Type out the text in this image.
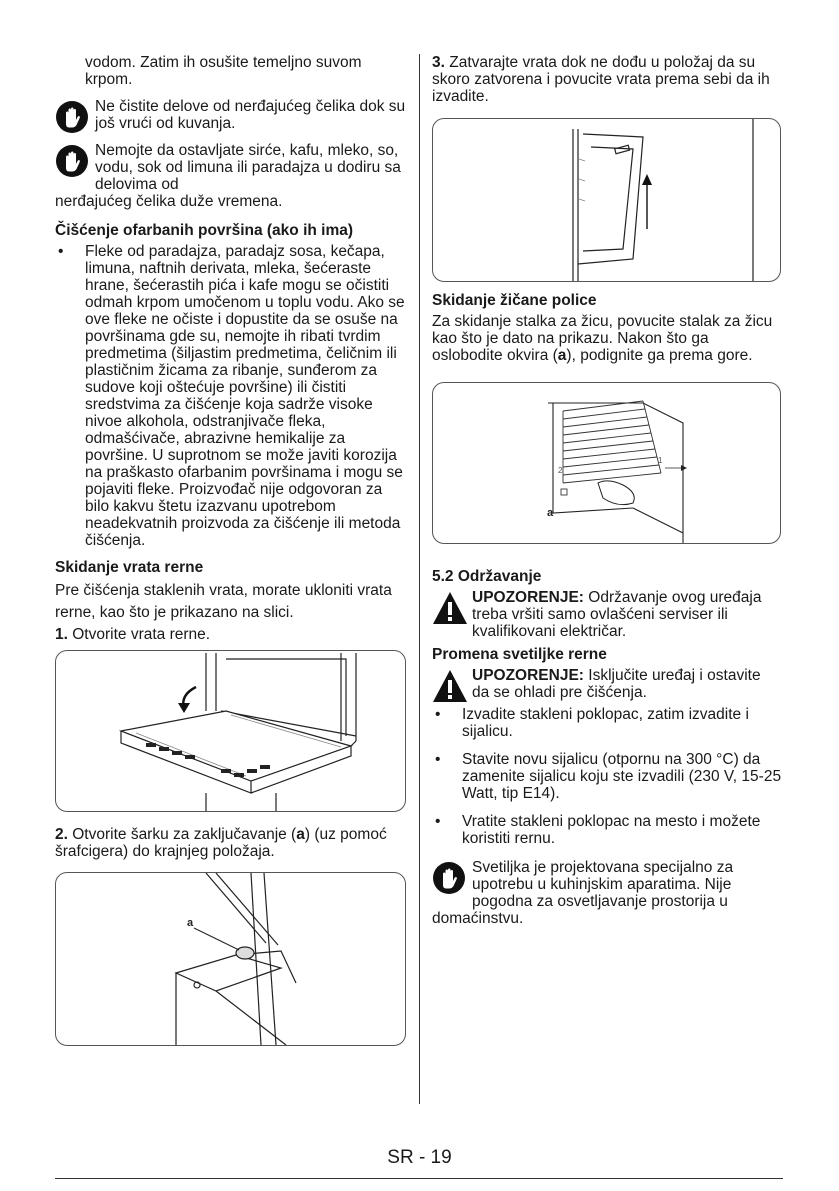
vodom. Zatim ih osušite temeljno suvom krpom.

Ne čistite delove od nerđajućeg čelika dok su još vrući od kuvanja.

Nemojte da ostavljate sirće, kafu, mleko, so, vodu, sok od limuna ili paradajza u dodiru sa delovima od

nerđajućeg čelika duže vremena.

Čišćenje ofarbanih površina (ako ih ima)

• Fleke od paradajza, paradajz sosa, kečapa, limuna, naftnih derivata, mleka, šećeraste hrane, šećerastih pića i kafe mogu se očistiti odmah krpom umočenom u toplu vodu. Ako se ove fleke ne očiste i dopustite da se osuše na površinama gde su, nemojte ih ribati tvrdim predmetima (šiljastim predmetima, čeličnim ili plastičnim žicama za ribanje, sunđerom za sudove koji oštećuje površine) ili čistiti sredstvima za čišćenje koja sadrže visoke nivoe alkohola, odstranjivače fleka, odmašćivače, abrazivne hemikalije za površine. U suprotnom se može javiti korozija na praškasto ofarbanim površinama i mogu se pojaviti fleke. Proizvođač nije odgovoran za bilo kakvu štetu izazvanu upotrebom neadekvatnih proizvoda za čišćenje ili metoda čišćenja.

Skidanje vrata rerne

Pre čišćenja staklenih vrata, morate ukloniti vrata rerne, kao što je prikazano na slici.

1. Otvorite vrata rerne.

2. Otvorite šarku za zaključavanje (a) (uz pomoć šrafcigera) do krajnjeg položaja.

a

3. Zatvarajte vrata dok ne dođu u položaj da su skoro zatvorena i povucite vrata prema sebi da ih izvadite.

Skidanje žičane police

Za skidanje stalka za žicu, povucite stalak za žicu kao što je dato na prikazu. Nakon što ga oslobodite okvira (a), podignite ga prema gore.

1
2
a

5.2 Održavanje

UPOZORENJE: Održavanje ovog uređaja treba vršiti samo ovlašćeni serviser ili kvalifikovani električar.

Promena svetiljke rerne

UPOZORENJE: Isključite uređaj i ostavite da se ohladi pre čišćenja.

• Izvadite stakleni poklopac, zatim izvadite i sijalicu.

• Stavite novu sijalicu (otpornu na 300 °C) da zamenite sijalicu koju ste izvadili (230 V, 15-25 Watt, tip E14).

• Vratite stakleni poklopac na mesto i možete koristiti rernu.

Svetiljka je projektovana specijalno za upotrebu u kuhinjskim aparatima. Nije pogodna za osvetljavanje prostorija u

domaćinstvu.

SR - 19
